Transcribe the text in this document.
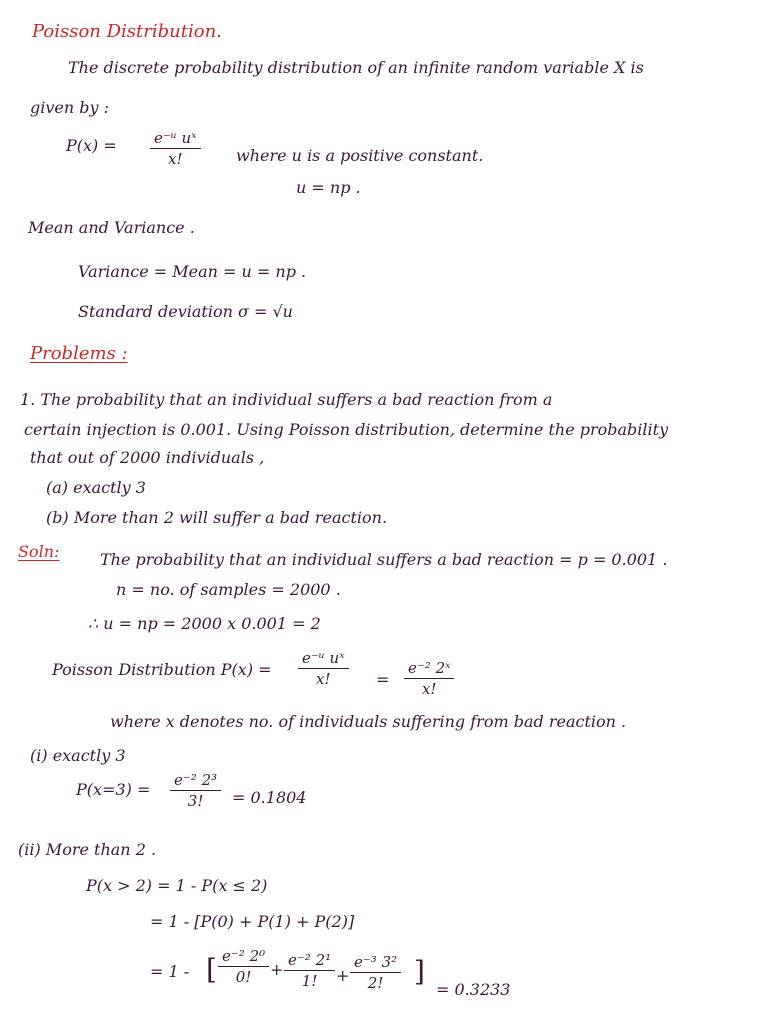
Poisson Distribution.
The discrete probability distribution of an infinite random variable X is
given by :
$P(x) = \frac{\text{e⁻ᵘ uˣ}}{x!}$ where u is a positive constant.
u = np .
Mean and Variance .
Variance = Mean = u = np .
Standard deviation σ = √u
Problems :
1. The probability that an individual suffers a bad reaction from a
certain injection is 0.001. Using Poisson distribution, determine the probability
that out of 2000 individuals ,
(a) exactly 3
(b) More than 2 will suffer a bad reaction.
Soln:	The probability that an individual suffers a bad reaction = p = 0.001 .
n = no. of samples = 2000 .
∴ u = np = 2000 x 0.001 = 2
Poisson Distribution $P(x) = \frac{\text{e⁻ᵘ uˣ}}{x!} = \frac{\text{e⁻² 2ˣ}}{x!}$
where x denotes no. of individuals suffering from bad reaction .
(i) exactly 3
$P(x=3) = \frac{\text{e⁻² 2³}}{3!} = 0.1804$
(ii) More than 2 .
P(x > 2) = 1 - P(x ≤ 2)
= 1 - [P(0) + P(1) + P(2)]
= 1 - [ $\frac{\text{e⁻² 2⁰}}{0!} + \frac{\text{e⁻² 2¹}}{1!} + \frac{\text{e⁻³ 3²}}{2!}$ ]
= 0.3233
